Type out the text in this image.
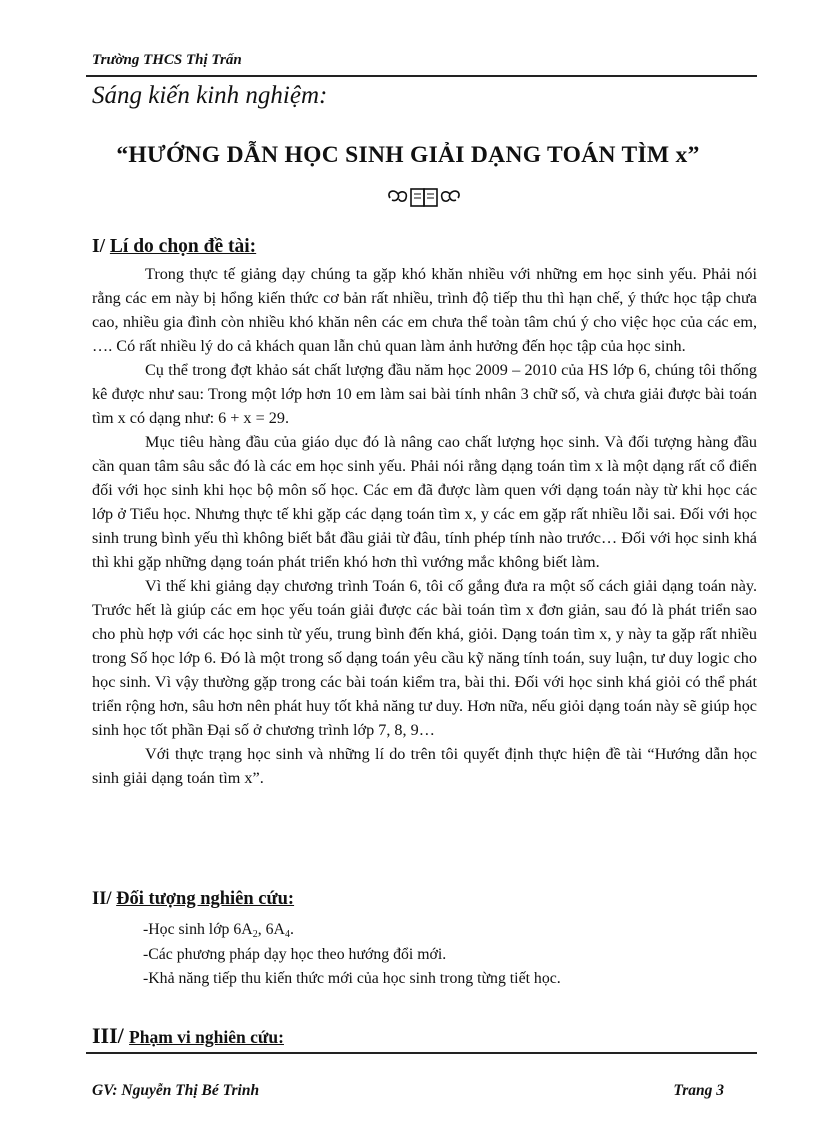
Trường THCS Thị Trấn
Sáng kiến kinh nghiệm:
“HƯỚNG DẪN HỌC SINH GIẢI DẠNG TOÁN TÌM x”
I/ Lí do chọn đề tài:

Trong thực tế giảng dạy chúng ta gặp khó khăn nhiều với những em học sinh yếu. Phải nói rằng các em này bị hổng kiến thức cơ bản rất nhiều, trình độ tiếp thu thì hạn chế, ý thức học tập chưa cao, nhiều gia đình còn nhiều khó khăn nên các em chưa thể toàn tâm chú ý cho việc học của các em, …. Có rất nhiều lý do cả khách quan lẫn chủ quan làm ảnh hưởng đến học tập của học sinh.

Cụ thể trong đợt khảo sát chất lượng đầu năm học 2009 – 2010 của HS lớp 6, chúng tôi thống kê được như sau: Trong một lớp hơn 10 em làm sai bài tính nhân 3 chữ số, và chưa giải được bài toán tìm x có dạng như: 6 + x = 29.

Mục tiêu hàng đầu của giáo dục đó là nâng cao chất lượng học sinh. Và đối tượng hàng đầu cần quan tâm sâu sắc đó là các em học sinh yếu. Phải nói rằng dạng toán tìm x là một dạng rất cổ điển đối với học sinh khi học bộ môn số học. Các em đã được làm quen với dạng toán này từ khi học các lớp ở Tiểu học. Nhưng thực tế khi gặp các dạng toán tìm x, y các em gặp rất nhiều lỗi sai. Đối với học sinh trung bình yếu thì không biết bắt đầu giải từ đâu, tính phép tính nào trước… Đối với học sinh khá thì khi gặp những dạng toán phát triển khó hơn thì vướng mắc không biết làm.

Vì thế khi giảng dạy chương trình Toán 6, tôi cố gắng đưa ra một số cách giải dạng toán này. Trước hết là giúp các em học yếu toán giải được các bài toán tìm x đơn giản, sau đó là phát triển sao cho phù hợp với các học sinh từ yếu, trung bình đến khá, giỏi. Dạng toán tìm x, y này ta gặp rất nhiều trong Số học lớp 6. Đó là một trong số dạng toán yêu cầu kỹ năng tính toán, suy luận, tư duy logic cho học sinh. Vì vậy thường gặp trong các bài toán kiểm tra, bài thi. Đối với học sinh khá giỏi có thể phát triển rộng hơn, sâu hơn nên phát huy tốt khả năng tư duy. Hơn nữa, nếu giỏi dạng toán này sẽ giúp học sinh học tốt phần Đại số ở chương trình lớp 7, 8, 9…

Với thực trạng học sinh và những lí do trên tôi quyết định thực hiện đề tài “Hướng dẫn học sinh giải dạng toán tìm x”.

II/ Đối tượng nghiên cứu:
-Học sinh lớp $6A_2$, $6A_4$.
-Các phương pháp dạy học theo hướng đổi mới.
-Khả năng tiếp thu kiến thức mới của học sinh trong từng tiết học.
III/ Phạm vi nghiên cứu:
GV: Nguyễn Thị Bé Trinh	Trang 3
